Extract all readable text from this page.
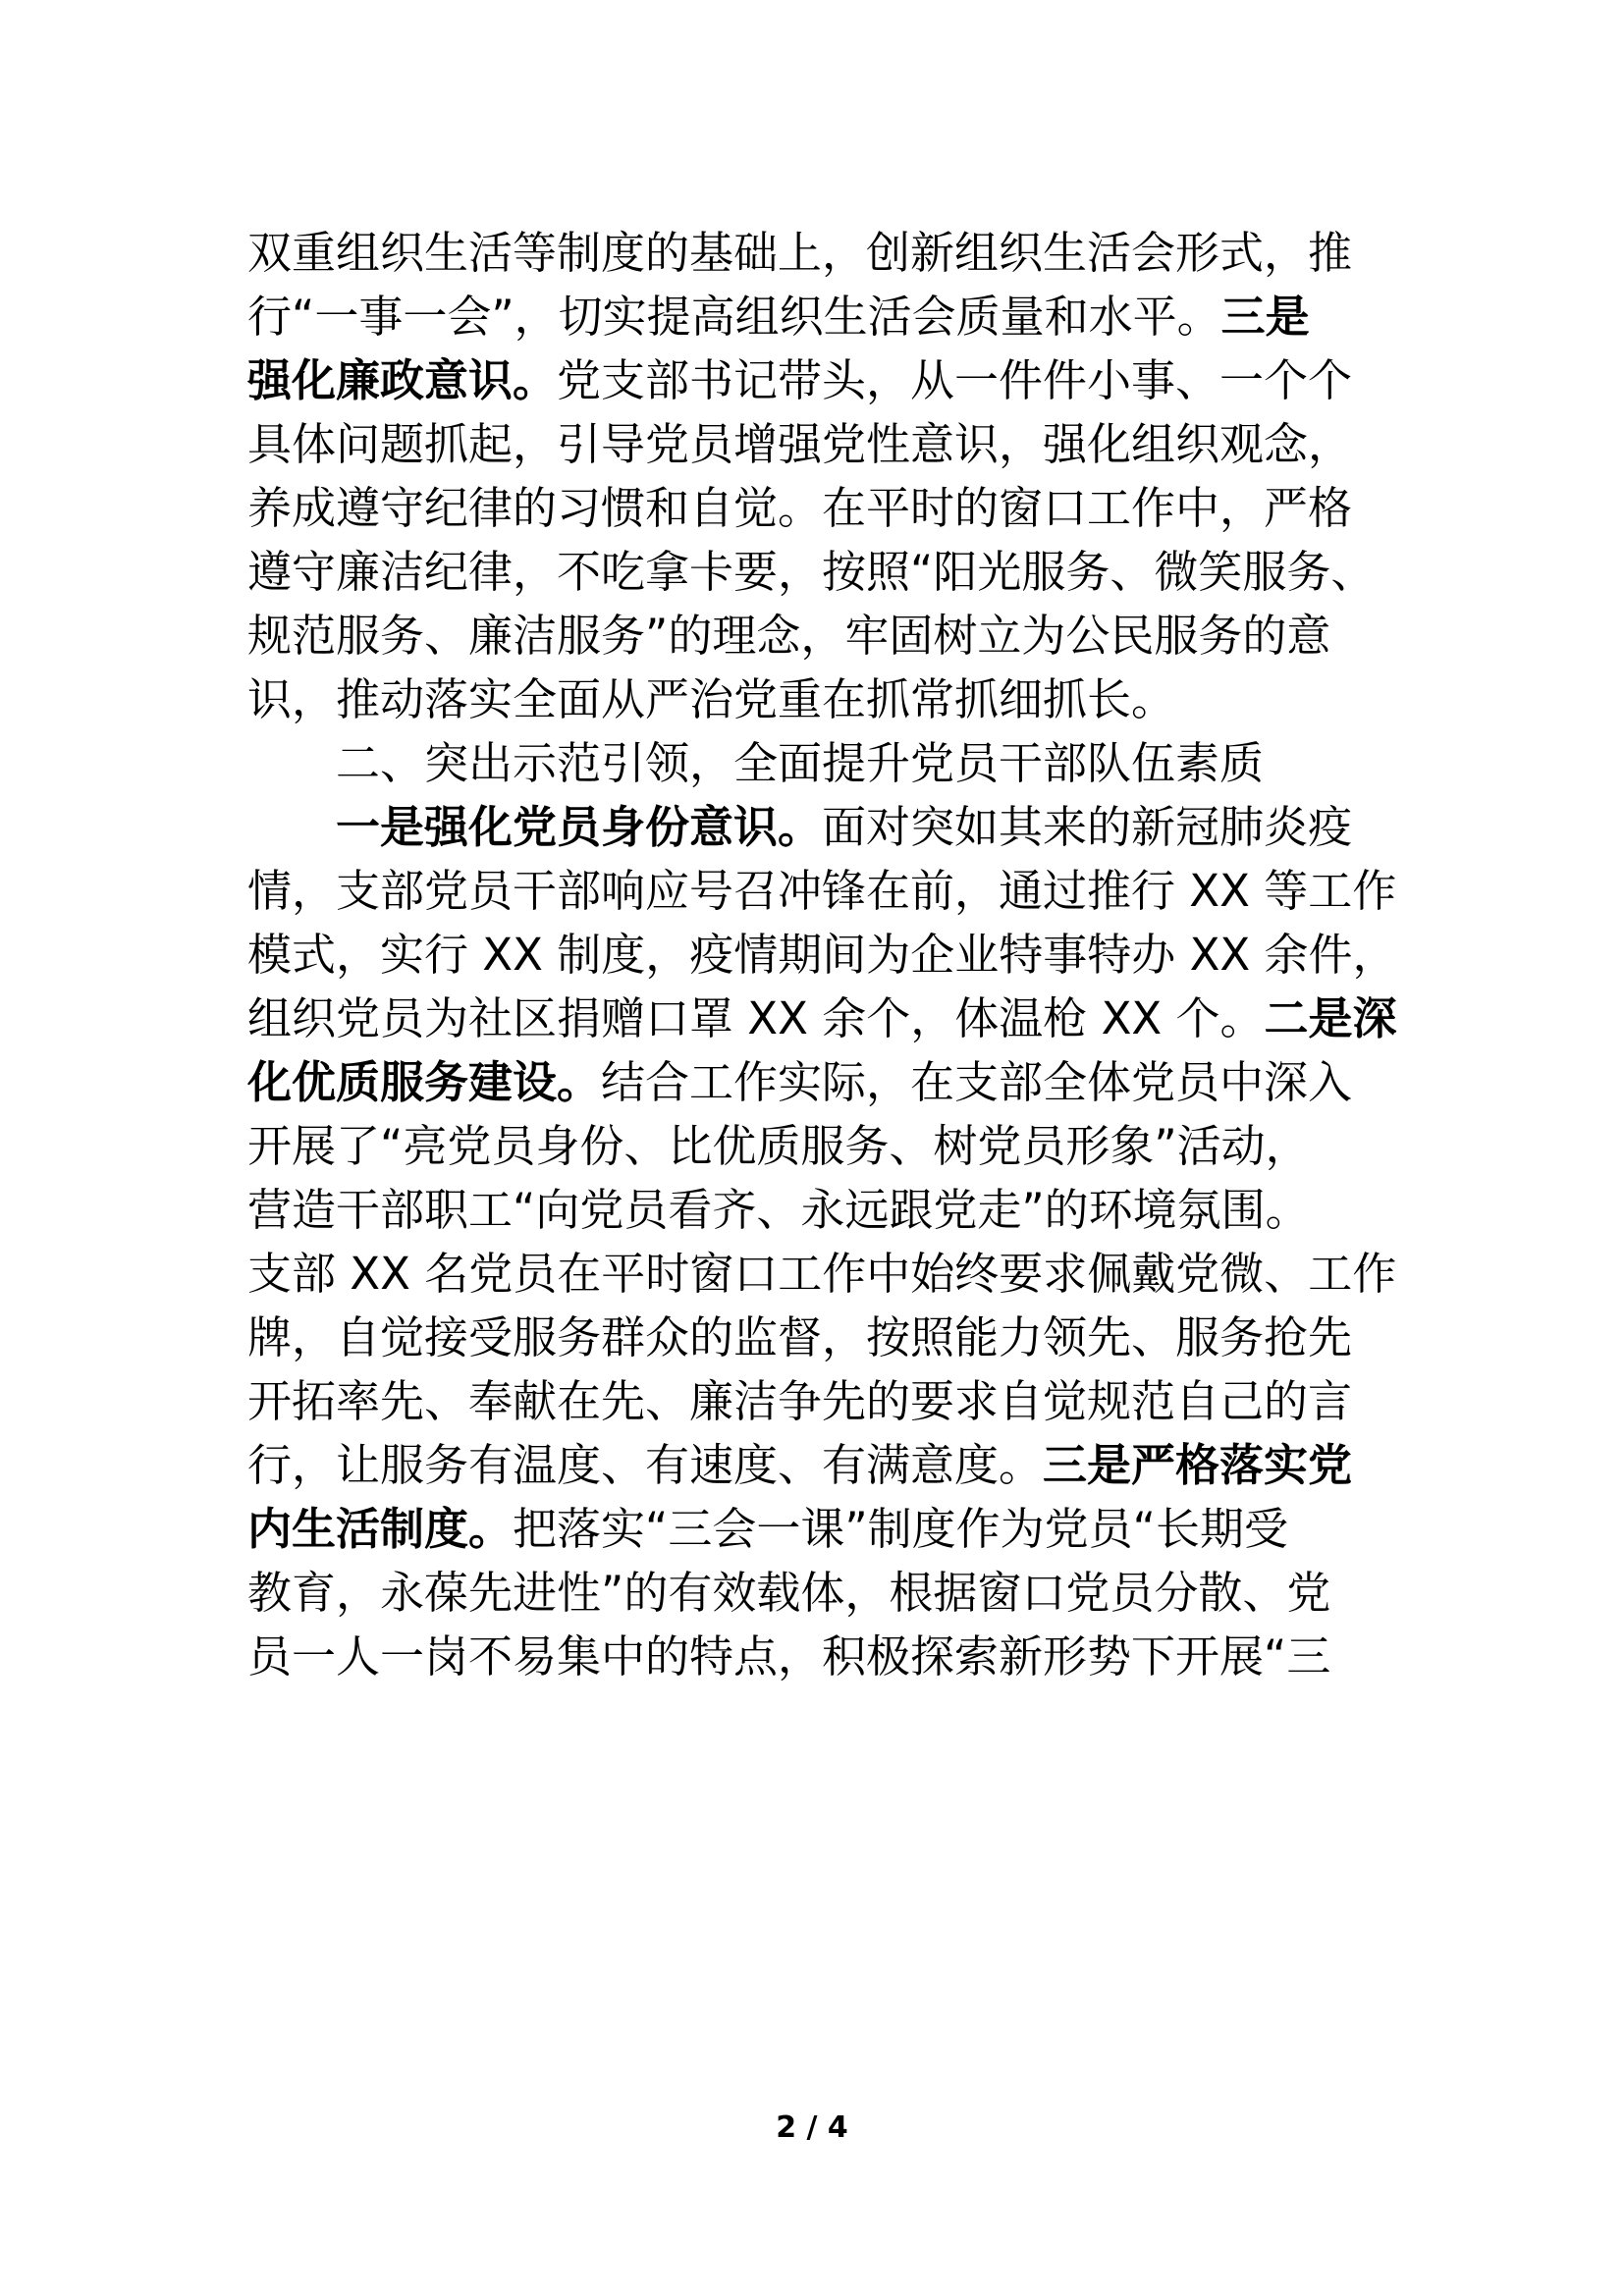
双重组织生活等制度的基础上，创新组织生活会形式，推
行“一事一会”，切实提高组织生活会质量和水平。三是
强化廉政意识。党支部书记带头，从一件件小事、一个个
具体问题抓起，引导党员增强党性意识，强化组织观念，
养成遵守纪律的习惯和自觉。在平时的窗口工作中，严格
遵守廉洁纪律，不吃拿卡要，按照“阳光服务、微笑服务、
规范服务、廉洁服务”的理念，牢固树立为公民服务的意
识，推动落实全面从严治党重在抓常抓细抓长。
二、突出示范引领，全面提升党员干部队伍素质
一是强化党员身份意识。面对突如其来的新冠肺炎疫
情，支部党员干部响应号召冲锋在前，通过推行 XX 等工作
模式，实行 XX 制度，疫情期间为企业特事特办 XX 余件，
组织党员为社区捐赠口罩 XX 余个，体温枪 XX 个。二是深
化优质服务建设。结合工作实际，在支部全体党员中深入
开展了“亮党员身份、比优质服务、树党员形象”活动，
营造干部职工“向党员看齐、永远跟党走”的环境氛围。
支部 XX 名党员在平时窗口工作中始终要求佩戴党微、工作
牌，自觉接受服务群众的监督，按照能力领先、服务抢先
开拓率先、奉献在先、廉洁争先的要求自觉规范自己的言
行，让服务有温度、有速度、有满意度。三是严格落实党
内生活制度。把落实“三会一课”制度作为党员“长期受
教育，永葆先进性”的有效载体，根据窗口党员分散、党
员一人一岗不易集中的特点，积极探索新形势下开展“三
2 / 4
